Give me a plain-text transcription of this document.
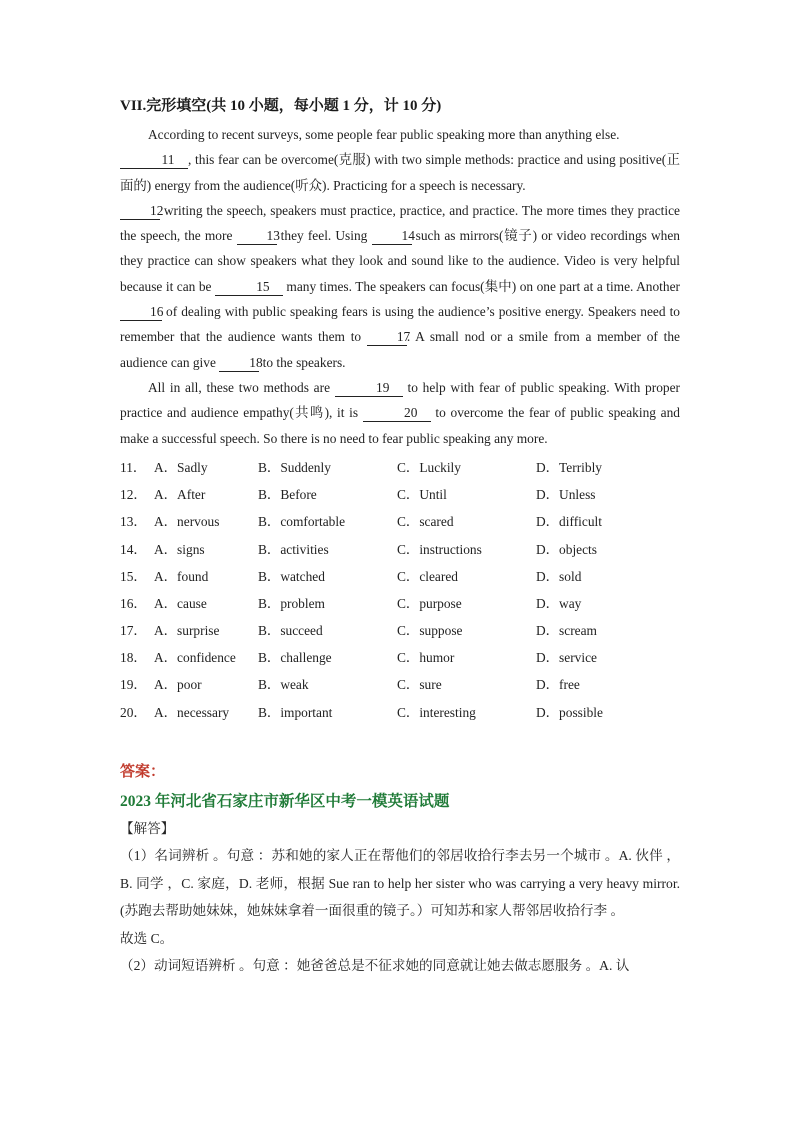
VII.完形填空(共 10 小题，每小题 1 分，计 10 分)

According to recent surveys, some people fear public speaking more than anything else.
11 , this fear can be overcome(克服) with two simple methods: practice and using positive(正面的) energy from the audience(听众). Practicing for a speech is necessary.
12 writing the speech, speakers must practice, practice, and practice. The more times they practice the speech, the more 13 they feel. Using 14 such as mirrors(镜子) or video recordings when they practice can show speakers what they look and sound like to the audience. Video is very helpful because it can be	15 many times. The speakers can focus(集中) on one part at a time. Another 16 of dealing with public speaking fears is using the audience’s positive energy. Speakers need to remember that the audience wants them to 17. A small nod or a smile from a member of the audience can give 18 to the speakers.

All in all, these two methods are	19 to help with fear of public speaking. With proper practice and audience empathy(共鸣), it is	20 to overcome the fear of public speaking and make a successful speech. So there is no need to fear public speaking any more.

11． A．Sadly	B．Suddenly	C．Luckily	D．Terribly
12． A．After	B．Before	C．Until	D．Unless
13． A．nervous	B．comfortable	C．scared	D．difficult
14． A．signs	B．activities	C．instructions	D．objects
15． A．found	B．watched	C．cleared	D．sold
16． A．cause	B．problem	C．purpose	D．way
17． A．surprise	B．succeed	C．suppose	D．scream
18． A．confidence	B．challenge	C．humor	D．service
19． A．poor	B．weak	C．sure	D．free
20． A．necessary	B．important	C．interesting	D．possible
答案：
2023 年河北省石家庄市新华区中考一模英语试题

【解答】

（1）名词辨析 。句意 ：苏和她的家人正在帮他们的邻居收拾行李去另一个城市 。A. 伙伴 ，B. 同学 ，C. 家庭，D. 老师，根据 Sue ran to help her sister who was carrying a very heavy mirror. (苏跑去帮助她妹妹，她妹妹拿着一面很重的镜子。）可知苏和家人帮邻居收拾行李 。

故选 C。

（2）动词短语辨析 。句意 ：她爸爸总是不征求她的同意就让她去做志愿服务 。A. 认
